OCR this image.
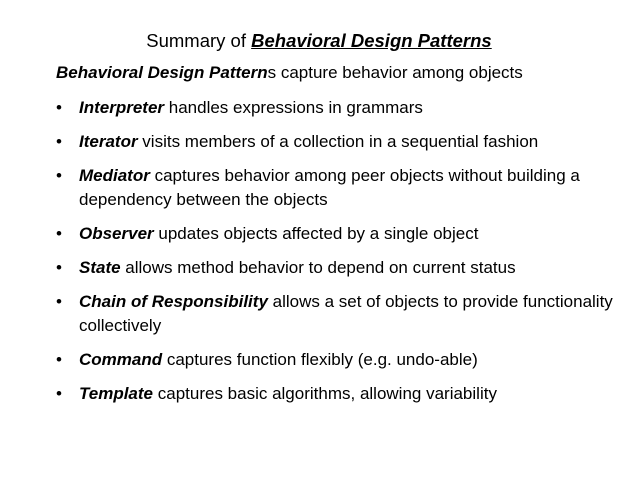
Summary of Behavioral Design Patterns
Behavioral Design Patterns capture behavior among objects
• Interpreter handles expressions in grammars
• Iterator visits members of a collection in a sequential fashion
• Mediator captures behavior among peer objects without building a dependency between the objects
• Observer updates objects affected by a single object
• State allows method behavior to depend on current status
• Chain of Responsibility allows a set of objects to provide functionality collectively
• Command captures function flexibly (e.g. undo-able)
• Template captures basic algorithms, allowing variability
